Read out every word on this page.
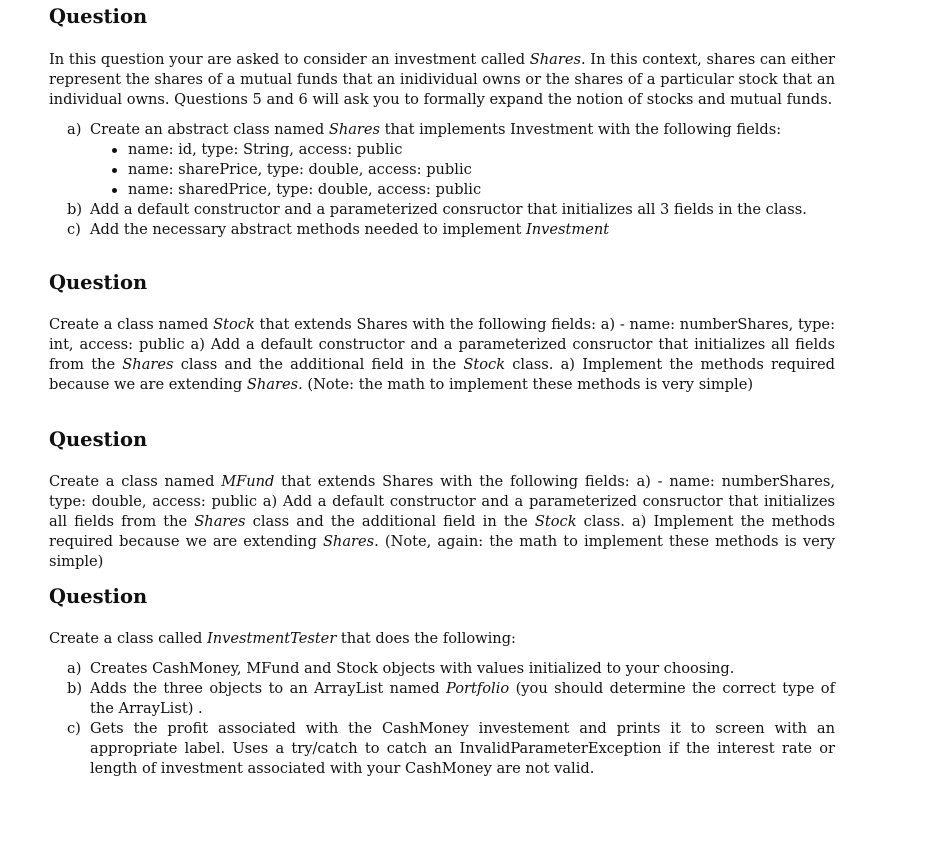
Question

In this question your are asked to consider an investment called Shares. In this context, shares can either represent the shares of a mutual funds that an inidividual owns or the shares of a particular stock that an individual owns. Questions 5 and 6 will ask you to formally expand the notion of stocks and mutual funds.

a) Create an abstract class named Shares that implements Investment with the following fields:
name: id, type: String, access: public
name: sharePrice, type: double, access: public
name: sharedPrice, type: double, access: public
b) Add a default constructor and a parameterized consructor that initializes all 3 fields in the class.
c) Add the necessary abstract methods needed to implement Investment
Question

Create a class named Stock that extends Shares with the following fields: a) - name: numberShares, type: int, access: public a) Add a default constructor and a parameterized consructor that initializes all fields from the Shares class and the additional field in the Stock class. a) Implement the methods required because we are extending Shares. (Note: the math to implement these methods is very simple)

Question

Create a class named MFund that extends Shares with the following fields: a) - name: numberShares, type: double, access: public a) Add a default constructor and a parameterized consructor that initializes all fields from the Shares class and the additional field in the Stock class. a) Implement the methods required because we are extending Shares. (Note, again: the math to implement these methods is very simple)

Question

Create a class called InvestmentTester that does the following:

a) Creates CashMoney, MFund and Stock objects with values initialized to your choosing.
b) Adds the three objects to an ArrayList named Portfolio (you should determine the correct type of the ArrayList) .
c) Gets the profit associated with the CashMoney investement and prints it to screen with an appropriate label. Uses a try/catch to catch an InvalidParameterException if the interest rate or length of investment associated with your CashMoney are not valid.
